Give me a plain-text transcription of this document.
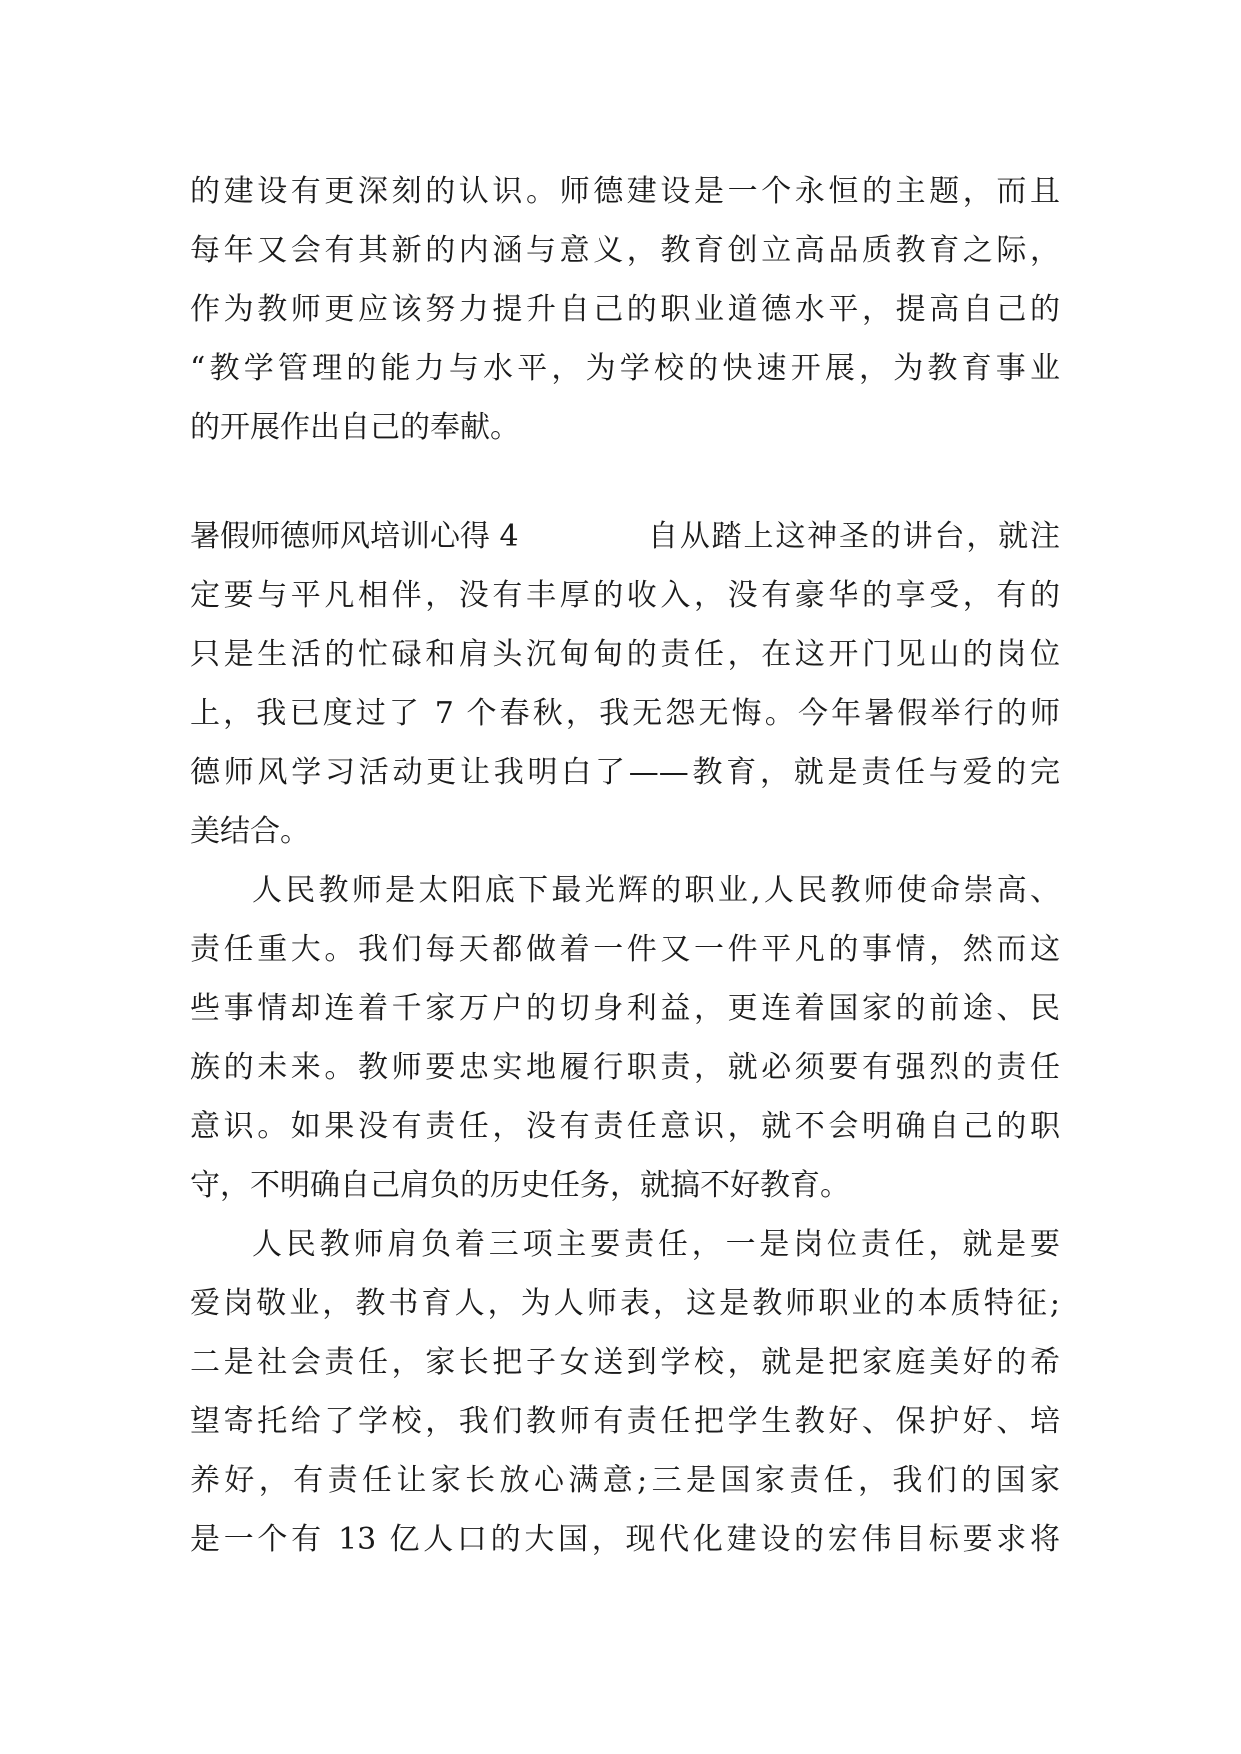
的建设有更深刻的认识。师德建设是一个永恒的主题，而且
每年又会有其新的内涵与意义，教育创立高品质教育之际，
作为教师更应该努力提升自己的职业道德水平，提高自己的
“教学管理的能力与水平，为学校的快速开展，为教育事业
的开展作出自己的奉献。
暑假师德师风培训心得 4	自从踏上这神圣的讲台，就注
定要与平凡相伴，没有丰厚的收入，没有豪华的享受，有的
只是生活的忙碌和肩头沉甸甸的责任，在这开门见山的岗位
上，我已度过了 7 个春秋，我无怨无悔。今年暑假举行的师
德师风学习活动更让我明白了——教育，就是责任与爱的完
美结合。
人民教师是太阳底下最光辉的职业,人民教师使命崇高、
责任重大。我们每天都做着一件又一件平凡的事情，然而这
些事情却连着千家万户的切身利益，更连着国家的前途、民
族的未来。教师要忠实地履行职责，就必须要有强烈的责任
意识。如果没有责任，没有责任意识，就不会明确自己的职
守，不明确自己肩负的历史任务，就搞不好教育。
人民教师肩负着三项主要责任，一是岗位责任，就是要
爱岗敬业，教书育人，为人师表，这是教师职业的本质特征;
二是社会责任，家长把子女送到学校，就是把家庭美好的希
望寄托给了学校，我们教师有责任把学生教好、保护好、培
养好，有责任让家长放心满意;三是国家责任，我们的国家
是一个有 13 亿人口的大国，现代化建设的宏伟目标要求将
